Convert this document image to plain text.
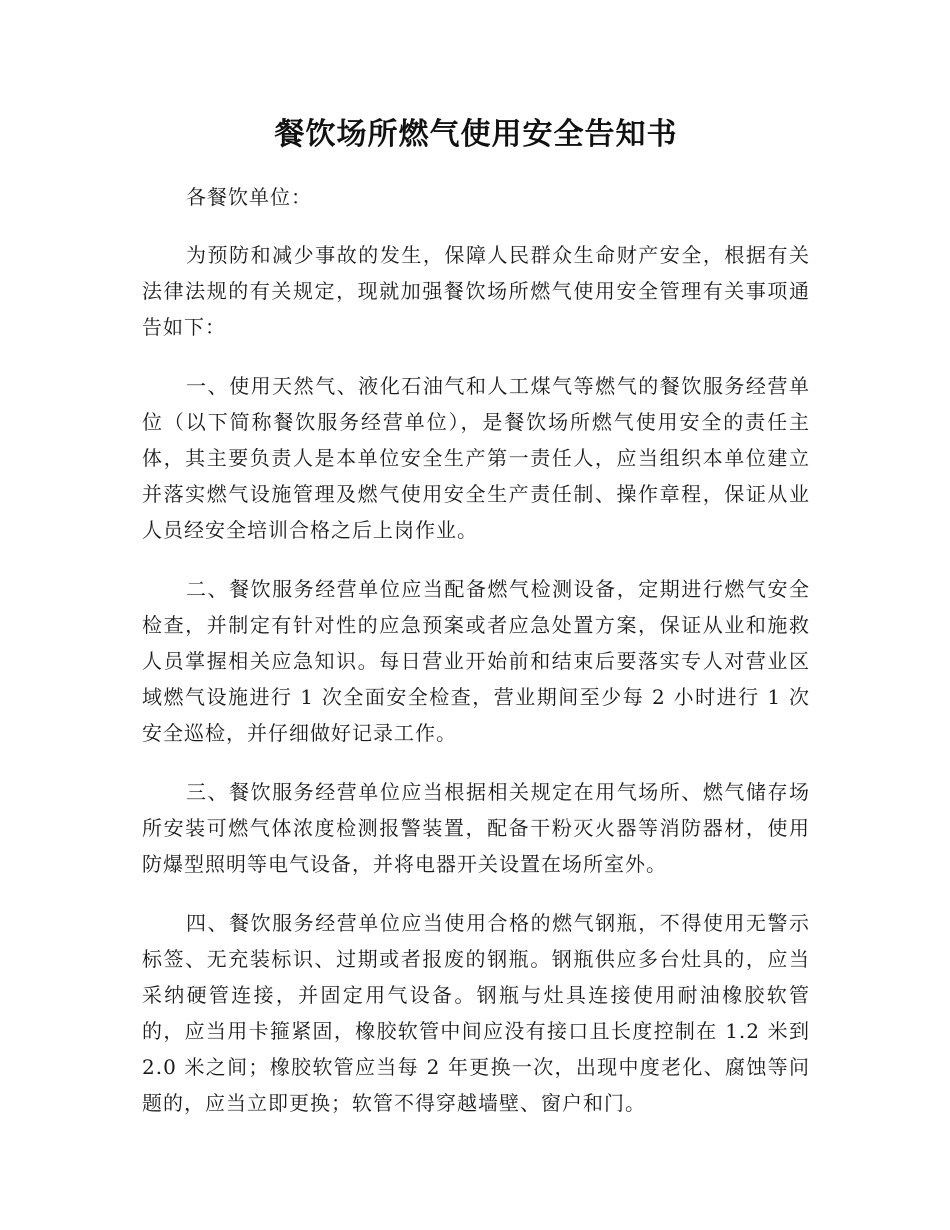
餐饮场所燃气使用安全告知书

各餐饮单位：

为预防和减少事故的发生，保障人民群众生命财产安全，根据有关法律法规的有关规定，现就加强餐饮场所燃气使用安全管理有关事项通告如下：

一、使用天然气、液化石油气和人工煤气等燃气的餐饮服务经营单位（以下简称餐饮服务经营单位），是餐饮场所燃气使用安全的责任主体，其主要负责人是本单位安全生产第一责任人，应当组织本单位建立并落实燃气设施管理及燃气使用安全生产责任制、操作章程，保证从业人员经安全培训合格之后上岗作业。

二、餐饮服务经营单位应当配备燃气检测设备，定期进行燃气安全检查，并制定有针对性的应急预案或者应急处置方案，保证从业和施救人员掌握相关应急知识。每日营业开始前和结束后要落实专人对营业区域燃气设施进行 1 次全面安全检查，营业期间至少每 2 小时进行 1 次安全巡检，并仔细做好记录工作。

三、餐饮服务经营单位应当根据相关规定在用气场所、燃气储存场所安装可燃气体浓度检测报警装置，配备干粉灭火器等消防器材，使用防爆型照明等电气设备，并将电器开关设置在场所室外。

四、餐饮服务经营单位应当使用合格的燃气钢瓶，不得使用无警示标签、无充装标识、过期或者报废的钢瓶。钢瓶供应多台灶具的，应当采纳硬管连接，并固定用气设备。钢瓶与灶具连接使用耐油橡胶软管的，应当用卡箍紧固，橡胶软管中间应没有接口且长度控制在 1.2 米到 2.0 米之间；橡胶软管应当每 2 年更换一次，出现中度老化、腐蚀等问题的，应当立即更换；软管不得穿越墙壁、窗户和门。
